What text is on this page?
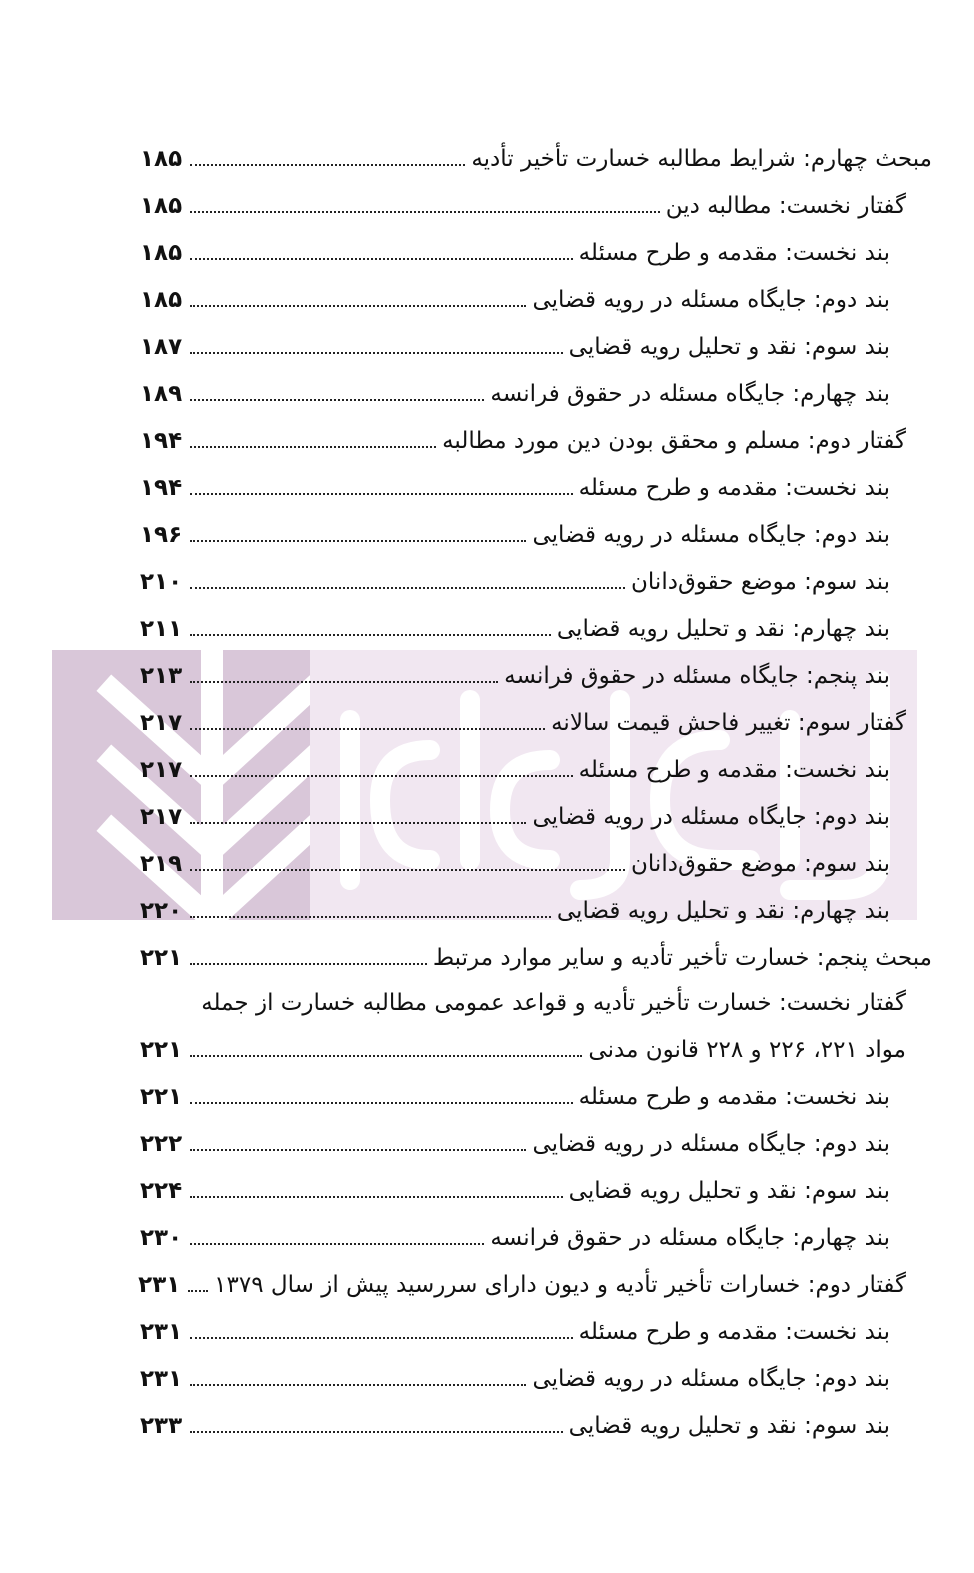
مبحث چهارم: شرایط مطالبه خسارت تأخیر تأدیه
۱۸۵
گفتار نخست: مطالبه دین
۱۸۵
بند نخست: مقدمه و طرح مسئله
۱۸۵
بند دوم: جایگاه مسئله در رویه قضایی
۱۸۵
بند سوم: نقد و تحلیل رویه قضایی
۱۸۷
بند چهارم: جایگاه مسئله در حقوق فرانسه
۱۸۹
گفتار دوم: مسلم و محقق بودن دین مورد مطالبه
۱۹۴
بند نخست: مقدمه و طرح مسئله
۱۹۴
بند دوم: جایگاه مسئله در رویه قضایی
۱۹۶
بند سوم: موضع حقوق‌دانان
۲۱۰
بند چهارم: نقد و تحلیل رویه قضایی
۲۱۱
بند پنجم: جایگاه مسئله در حقوق فرانسه
۲۱۳
گفتار سوم: تغییر فاحش قیمت سالانه
۲۱۷
بند نخست: مقدمه و طرح مسئله
۲۱۷
بند دوم: جایگاه مسئله در رویه قضایی
۲۱۷
بند سوم: موضع حقوق‌دانان
۲۱۹
بند چهارم: نقد و تحلیل رویه قضایی
۲۲۰
مبحث پنجم: خسارت تأخیر تأدیه و سایر موارد مرتبط
۲۲۱
گفتار نخست: خسارت تأخیر تأدیه و قواعد عمومی مطالبه خسارت از جمله
مواد ۲۲۱، ۲۲۶ و ۲۲۸ قانون مدنی
۲۲۱
بند نخست: مقدمه و طرح مسئله
۲۲۱
بند دوم: جایگاه مسئله در رویه قضایی
۲۲۲
بند سوم: نقد و تحلیل رویه قضایی
۲۲۴
بند چهارم: جایگاه مسئله در حقوق فرانسه
۲۳۰
گفتار دوم: خسارات تأخیر تأدیه و دیون دارای سررسید پیش از سال ۱۳۷۹
۲۳۱
بند نخست: مقدمه و طرح مسئله
۲۳۱
بند دوم: جایگاه مسئله در رویه قضایی
۲۳۱
بند سوم: نقد و تحلیل رویه قضایی
۲۳۳
